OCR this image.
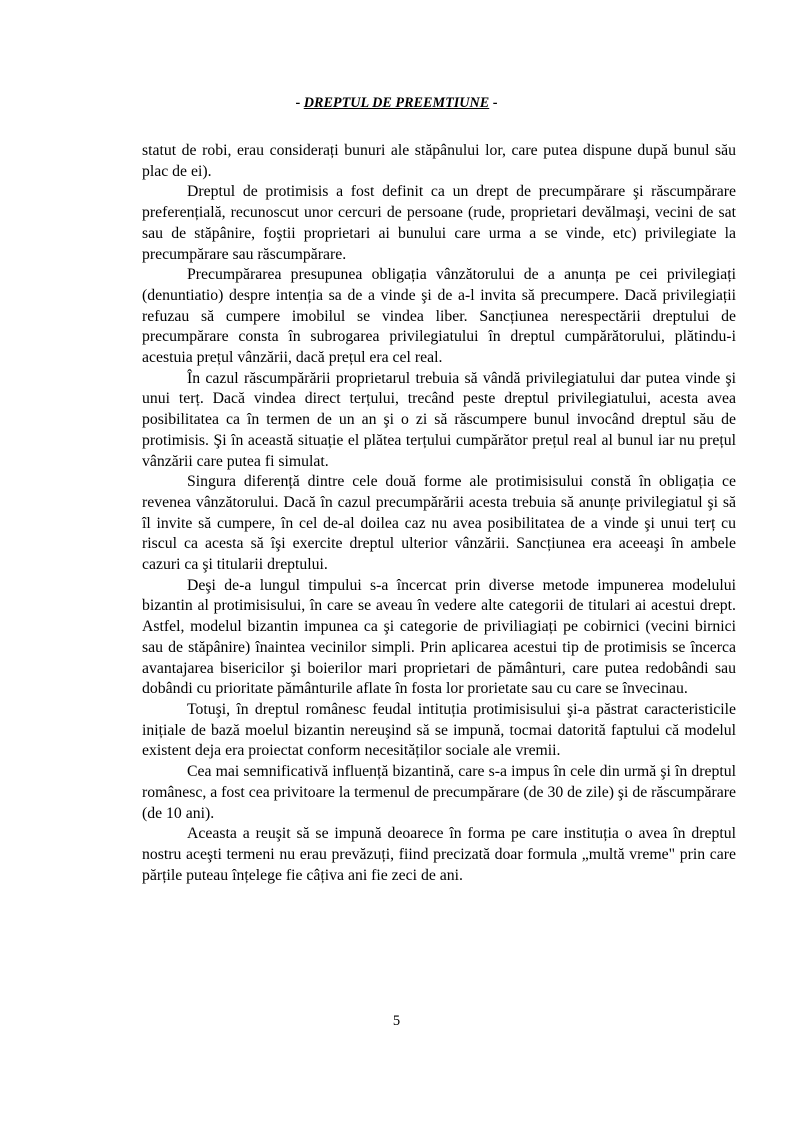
- DREPTUL DE PREEMTIUNE -

statut de robi, erau considerați bunuri ale stăpânului lor, care putea dispune după bunul său plac de ei).

Dreptul de protimisis a fost definit ca un drept de precumpărare şi răscumpărare preferențială, recunoscut unor cercuri de persoane (rude, proprietari devălmaşi, vecini de sat sau de stăpânire, foştii proprietari ai bunului care urma a se vinde, etc) privilegiate la precumpărare sau răscumpărare.

Precumpărarea presupunea obligația vânzătorului de a anunța pe cei privilegiați (denuntiatio) despre intenția sa de a vinde şi de a-l invita să precumpere. Dacă privilegiații refuzau să cumpere imobilul se vindea liber. Sancțiunea nerespectării dreptului de precumpărare consta în subrogarea privilegiatului în dreptul cumpărătorului, plătindu-i acestuia prețul vânzării, dacă prețul era cel real.

În cazul răscumpărării proprietarul trebuia să vândă privilegiatului dar putea vinde şi unui terț. Dacă vindea direct terțului, trecând peste dreptul privilegiatului, acesta avea posibilitatea ca în termen de un an şi o zi să răscumpere bunul invocând dreptul său de protimisis. Şi în această situație el plătea terțului cumpărător prețul real al bunul iar nu prețul vânzării care putea fi simulat.

Singura diferență dintre cele două forme ale protimisisului constă în obligația ce revenea vânzătorului. Dacă în cazul precumpărării acesta trebuia să anunțe privilegiatul şi să îl invite să cumpere, în cel de-al doilea caz nu avea posibilitatea de a vinde şi unui terț cu riscul ca acesta să îşi exercite dreptul ulterior vânzării. Sancțiunea era aceeaşi în ambele cazuri ca şi titularii dreptului.

Deşi de-a lungul timpului s-a încercat prin diverse metode impunerea modelului bizantin al protimisisului, în care se aveau în vedere alte categorii de titulari ai acestui drept. Astfel, modelul bizantin impunea ca şi categorie de priviliagiați pe cobirnici (vecini birnici sau de stăpânire) înaintea vecinilor simpli. Prin aplicarea acestui tip de protimisis se încerca avantajarea bisericilor şi boierilor mari proprietari de pământuri, care putea redobândi sau dobândi cu prioritate pământurile aflate în fosta lor prorietate sau cu care se învecinau.

Totuşi, în dreptul românesc feudal intituția protimisisului şi-a păstrat caracteristicile inițiale de bază moelul bizantin nereuşind să se impună, tocmai datorită faptului că modelul existent deja era proiectat conform necesităților sociale ale vremii.

Cea mai semnificativă influență bizantină, care s-a impus în cele din urmă şi în dreptul românesc, a fost cea privitoare la termenul de precumpărare (de 30 de zile) şi de răscumpărare (de 10 ani).

Aceasta a reuşit să se impună deoarece în forma pe care instituția o avea în dreptul nostru aceşti termeni nu erau prevăzuți, fiind precizată doar formula „multă vreme" prin care părțile puteau înțelege fie câțiva ani fie zeci de ani.

5
